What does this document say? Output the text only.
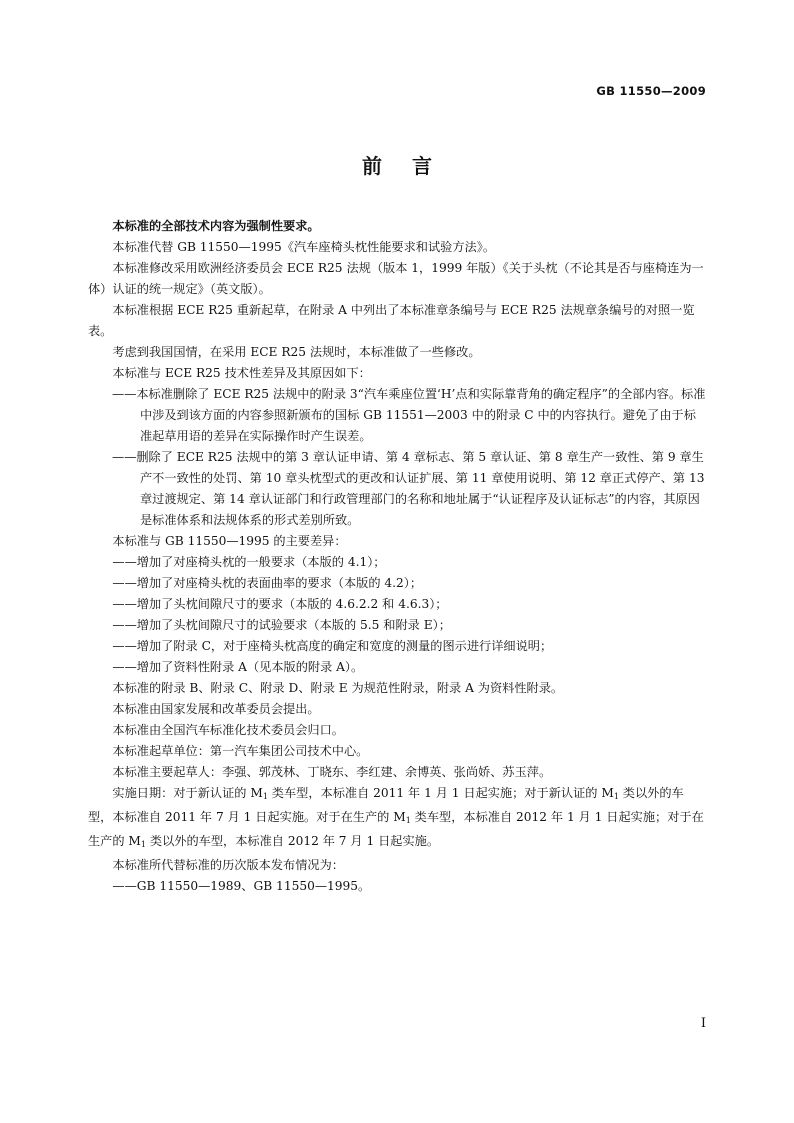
GB 11550—2009
前言

本标准的全部技术内容为强制性要求。

本标准代替 GB 11550—1995《汽车座椅头枕性能要求和试验方法》。

本标准修改采用欧洲经济委员会 ECE R25 法规（版本 1，1999 年版）《关于头枕（不论其是否与座椅连为一体）认证的统一规定》（英文版）。

本标准根据 ECE R25 重新起草，在附录 A 中列出了本标准章条编号与 ECE R25 法规章条编号的对照一览表。

考虑到我国国情，在采用 ECE R25 法规时，本标准做了一些修改。

本标准与 ECE R25 技术性差异及其原因如下：

——本标准删除了 ECE R25 法规中的附录 3“汽车乘座位置‘H’点和实际靠背角的确定程序”的全部内容。标准中涉及到该方面的内容参照新颁布的国标 GB 11551—2003 中的附录 C 中的内容执行。避免了由于标准起草用语的差异在实际操作时产生误差。

——删除了 ECE R25 法规中的第 3 章认证申请、第 4 章标志、第 5 章认证、第 8 章生产一致性、第 9 章生产不一致性的处罚、第 10 章头枕型式的更改和认证扩展、第 11 章使用说明、第 12 章正式停产、第 13 章过渡规定、第 14 章认证部门和行政管理部门的名称和地址属于“认证程序及认证标志”的内容，其原因是标准体系和法规体系的形式差别所致。

本标准与 GB 11550—1995 的主要差异：

——增加了对座椅头枕的一般要求（本版的 4.1）；

——增加了对座椅头枕的表面曲率的要求（本版的 4.2）；

——增加了头枕间隙尺寸的要求（本版的 4.6.2.2 和 4.6.3）；

——增加了头枕间隙尺寸的试验要求（本版的 5.5 和附录 E）；

——增加了附录 C，对于座椅头枕高度的确定和宽度的测量的图示进行详细说明；

——增加了资料性附录 A（见本版的附录 A）。

本标准的附录 B、附录 C、附录 D、附录 E 为规范性附录，附录 A 为资料性附录。

本标准由国家发展和改革委员会提出。

本标准由全国汽车标准化技术委员会归口。

本标准起草单位：第一汽车集团公司技术中心。

本标准主要起草人：李强、郭茂林、丁晓东、李红建、余博英、张尚娇、苏玉萍。

实施日期：对于新认证的 $M_1$ 类车型，本标准自 2011 年 1 月 1 日起实施；对于新认证的 $M_1$ 类以外的车型，本标准自 2011 年 7 月 1 日起实施。对于在生产的 $M_1$ 类车型，本标准自 2012 年 1 月 1 日起实施；对于在生产的 $M_1$ 类以外的车型，本标准自 2012 年 7 月 1 日起实施。

本标准所代替标准的历次版本发布情况为：

——GB 11550—1989、GB 11550—1995。

I
